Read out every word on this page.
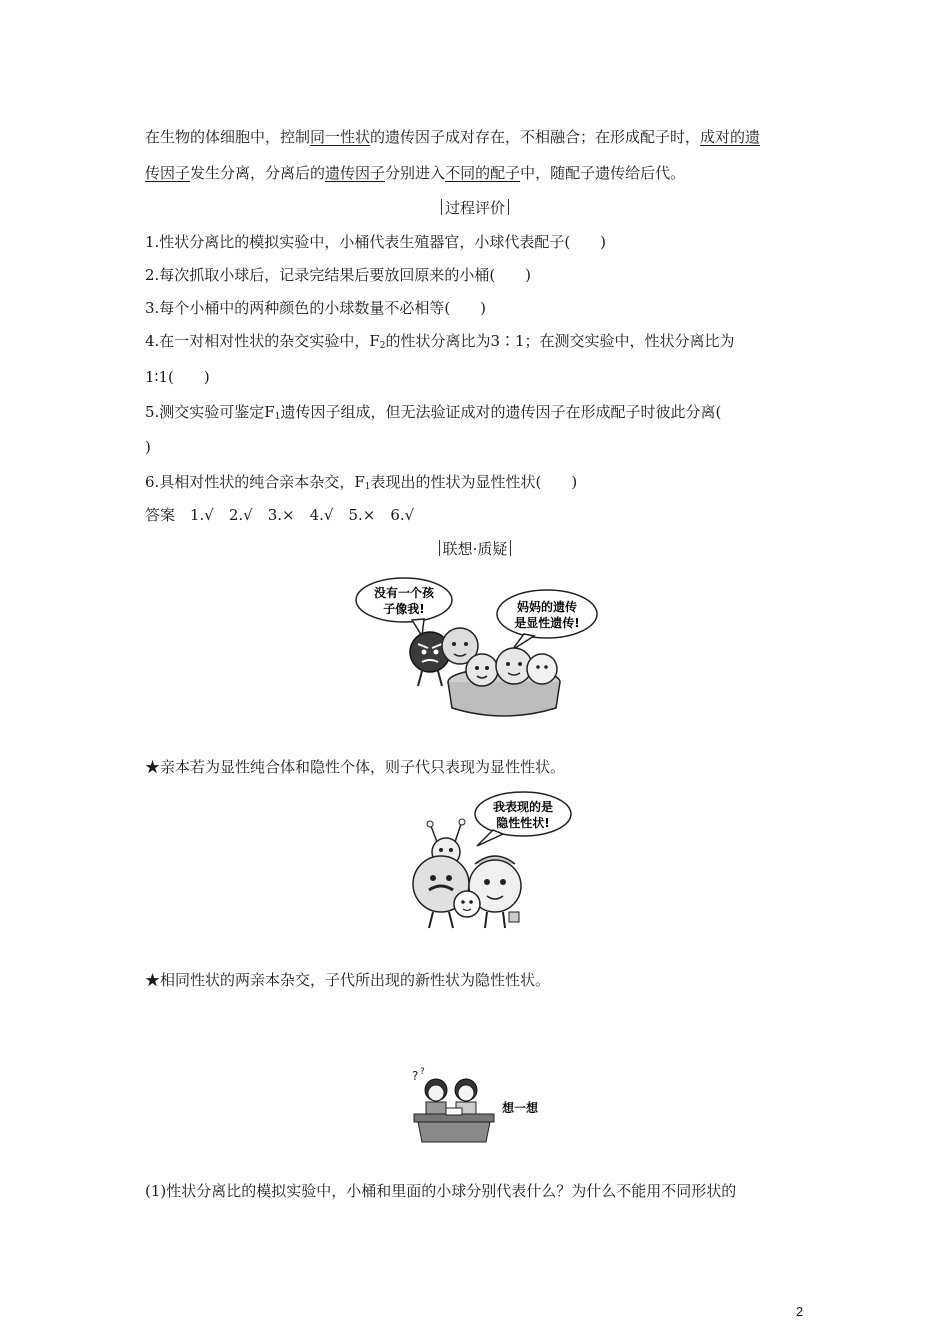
在生物的体细胞中，控制同一性状的遗传因子成对存在，不相融合；在形成配子时，成对的遗
传因子发生分离，分离后的遗传因子分别进入不同的配子中，随配子遗传给后代。
过程评价
1.性状分离比的模拟实验中，小桶代表生殖器官，小球代表配子(　　)
2.每次抓取小球后，记录完结果后要放回原来的小桶(　　)
3.每个小桶中的两种颜色的小球数量不必相等(　　)
4.在一对相对性状的杂交实验中，$F_2$的性状分离比为3∶1；在测交实验中，性状分离比为
1∶1(　　)
5.测交实验可鉴定$F_1$遗传因子组成，但无法验证成对的遗传因子在形成配子时彼此分离(
)
6.具相对性状的纯合亲本杂交，$F_1$表现出的性状为显性性状(　　)
答案　1.√　2.√　3.×　4.√　5.×　6.√
联想·质疑
没有一个孩
子像我!	妈妈的遗传
是显性遗传!
★亲本若为显性纯合体和隐性个体，则子代只表现为显性性状。
我表现的是
隐性性状!
★相同性状的两亲本杂交，子代所出现的新性状为隐性性状。
? ?
想一想
(1)性状分离比的模拟实验中，小桶和里面的小球分别代表什么？为什么不能用不同形状的
2
